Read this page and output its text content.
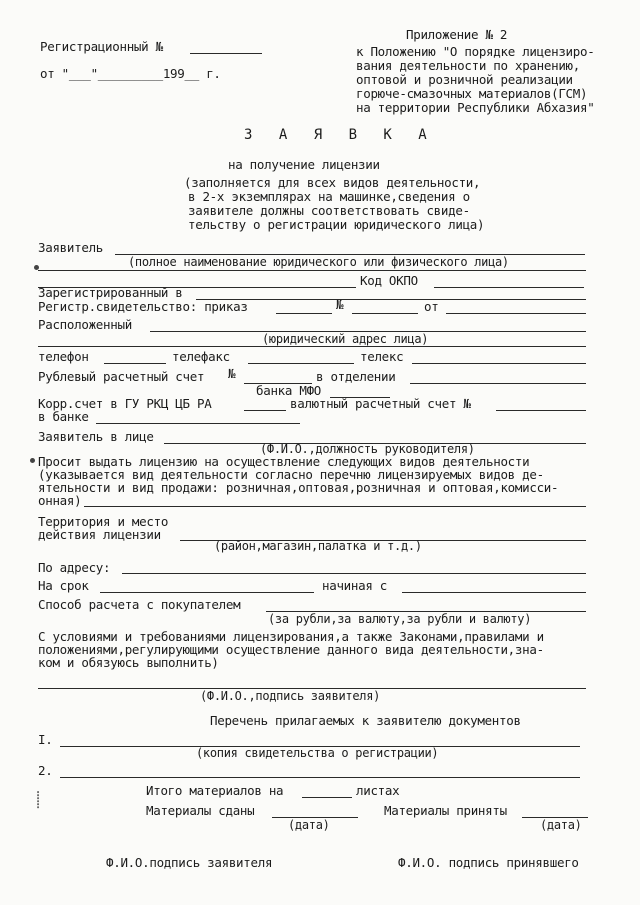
Регистрационный №
от "___"_________199__ г.
Приложение № 2
к Положению "О порядке лицензиро-
вания деятельности по хранению,
оптовой и розничной реализации
горюче-смазочных материалов(ГСМ)
на территории Республики Абхазия"
З А Я В К А
на получение лицензии
(заполняется для всех видов деятельности,
в 2-х экземплярах на машинке,сведения о
заявителе должны соответствовать свиде-
тельству о регистрации юридического лица)
Заявитель
(полное наименование юридического или физического лица)
Код ОКПО
Зарегистрированный в
Регистр.свидетельство: приказ	№	от
Расположенный
(юридический адрес лица)
телефон	телефакс	телекс
Рублевый расчетный счет №	в отделении
банка МФО
Корр.счет в ГУ РКЦ ЦБ РА	валютный расчетный счет №
в банке
Заявитель в лице
(Ф.И.О.,должность руководителя)
Просит выдать лицензию на осуществление следующих видов деятельности
(указывается вид деятельности согласно перечню лицензируемых видов де-
ятельности и вид продажи: розничная,оптовая,розничная и оптовая,комисси-
онная)
Территория и место
действия лицензии
(район,магазин,палатка и т.д.)
По адресу:
На срок	начиная с
Способ расчета с покупателем
(за рубли,за валюту,за рубли и валюту)
С условиями и требованиями лицензирования,а также Законами,правилами и
положениями,регулирующими осуществление данного вида деятельности,зна-
ком и обязуюсь выполнить)
(Ф.И.О.,подпись заявителя)
Перечень прилагаемых к заявителю документов
I.
(копия свидетельства о регистрации)
2.
Итого материалов на	листах
Материалы сданы
(дата)
Материалы приняты
(дата)
Ф.И.О.подпись заявителя	Ф.И.О. подпись принявшего
⸽
